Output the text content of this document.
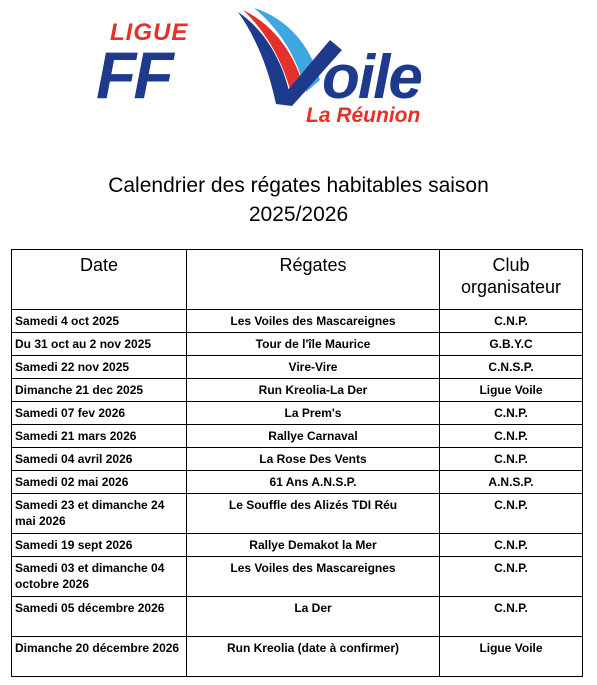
LIGUE
FF oile
La Réunion
Calendrier des régates habitables saison
2025/2026
Date	Régates	Club
organisateur

Samedi 4 oct 2025	Les Voiles des Mascareignes	C.N.P.
Du 31 oct au 2 nov 2025	Tour de l'île Maurice	G.B.Y.C
Samedi 22 nov 2025	Vire-Vire	C.N.S.P.
Dimanche 21 dec 2025	Run Kreolia-La Der	Ligue Voile
Samedi 07 fev 2026	La Prem's	C.N.P.
Samedi 21 mars 2026	Rallye Carnaval	C.N.P.
Samedi 04 avril 2026	La Rose Des Vents	C.N.P.
Samedi 02 mai 2026	61 Ans A.N.S.P.	A.N.S.P.
Samedi 23 et dimanche 24 mai 2026	Le Souffle des Alizés TDI Réu	C.N.P.
Samedi 19 sept 2026	Rallye Demakot la Mer	C.N.P.
Samedi 03 et dimanche 04 octobre 2026	Les Voiles des Mascareignes	C.N.P.
Samedi 05 décembre 2026	La Der	C.N.P.
Dimanche 20 décembre 2026	Run Kreolia (date à confirmer)	Ligue Voile
